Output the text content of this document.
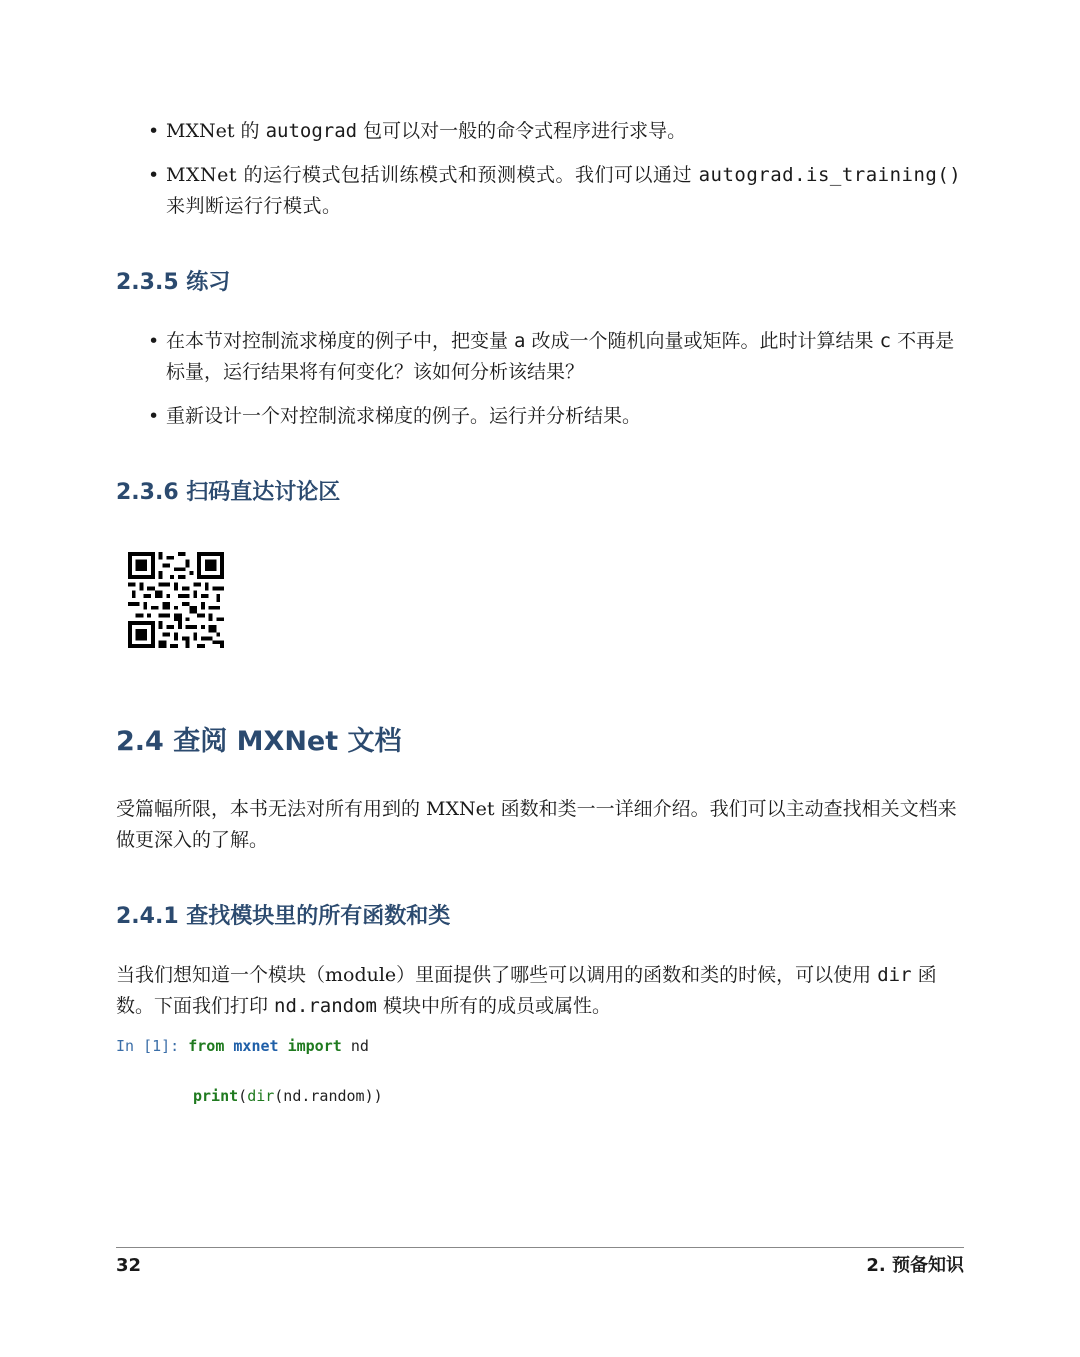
• MXNet 的 autograd 包可以对一般的命令式程序进行求导。
• MXNet 的运行模式包括训练模式和预测模式。我们可以通过 autograd.is_training() 来判断运行行模式。
2.3.5 练习
• 在本节对控制流求梯度的例子中，把变量 a 改成一个随机向量或矩阵。此时计算结果 c 不再是标量，运行结果将有何变化？该如何分析该结果？
• 重新设计一个对控制流求梯度的例子。运行并分析结果。
2.3.6 扫码直达讨论区
2.4 查阅 MXNet 文档
受篇幅所限，本书无法对所有用到的 MXNet 函数和类一一详细介绍。我们可以主动查找相关文档来做更深入的了解。
2.4.1 查找模块里的所有函数和类
当我们想知道一个模块（module）里面提供了哪些可以调用的函数和类的时候，可以使用 dir 函数。下面我们打印 nd.random 模块中所有的成员或属性。
In [1]: from mxnet import nd
print(dir(nd.random))
32	2. 预备知识
